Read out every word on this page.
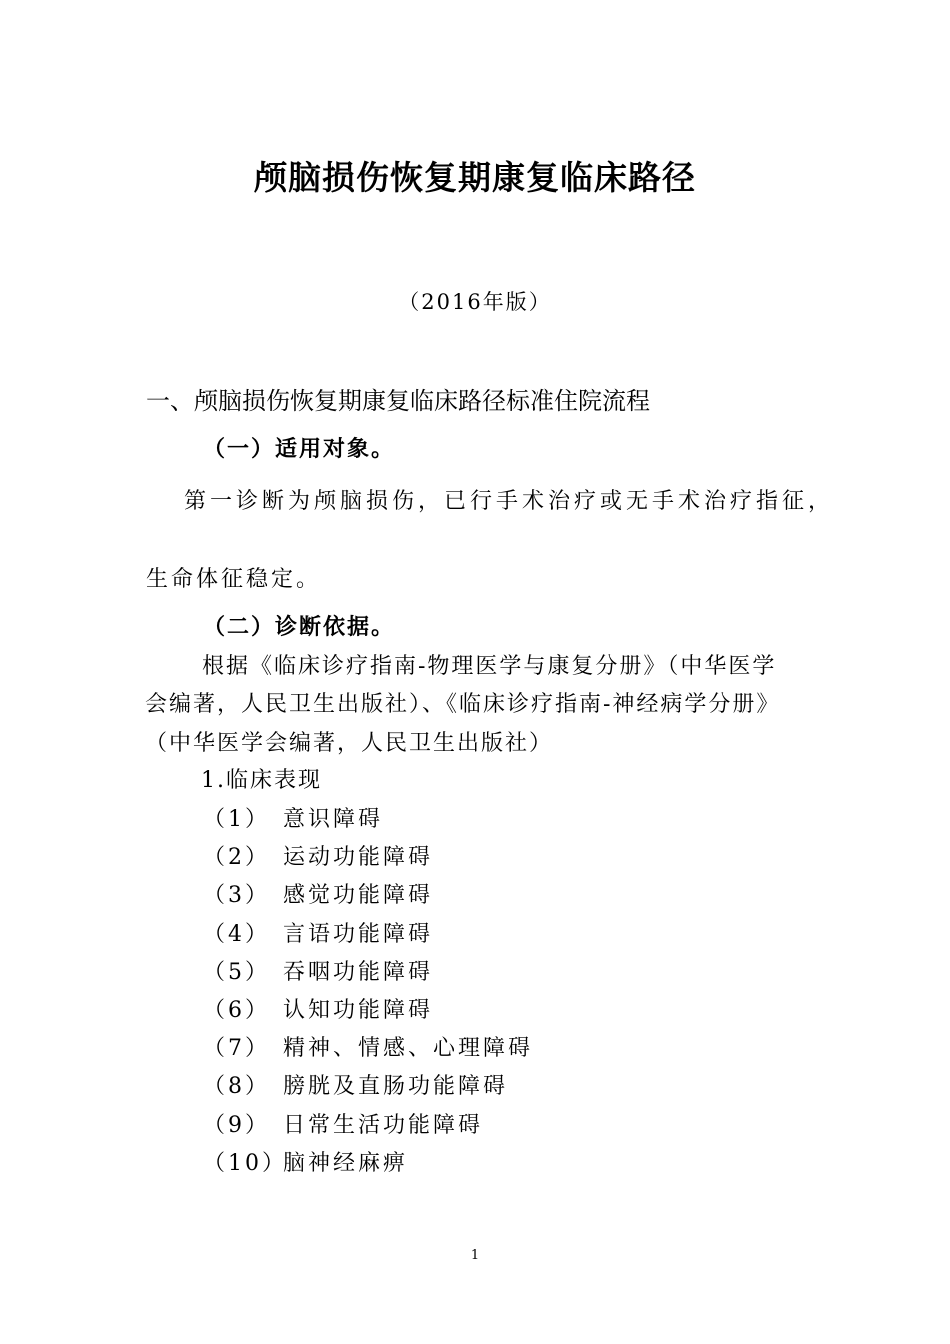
颅脑损伤恢复期康复临床路径
（2016年版）
一、颅脑损伤恢复期康复临床路径标准住院流程
（一）适用对象。
第一诊断为颅脑损伤，已行手术治疗或无手术治疗指征，
生命体征稳定。
（二）诊断依据。
根据《临床诊疗指南-物理医学与康复分册》（中华医学
会编著，人民卫生出版社）、《临床诊疗指南-神经病学分册》
（中华医学会编著，人民卫生出版社）
1.临床表现
（1） 意识障碍
（2） 运动功能障碍
（3） 感觉功能障碍
（4） 言语功能障碍
（5） 吞咽功能障碍
（6） 认知功能障碍
（7） 精神、情感、心理障碍
（8） 膀胱及直肠功能障碍
（9） 日常生活功能障碍
（10）
脑神经麻痹
1
